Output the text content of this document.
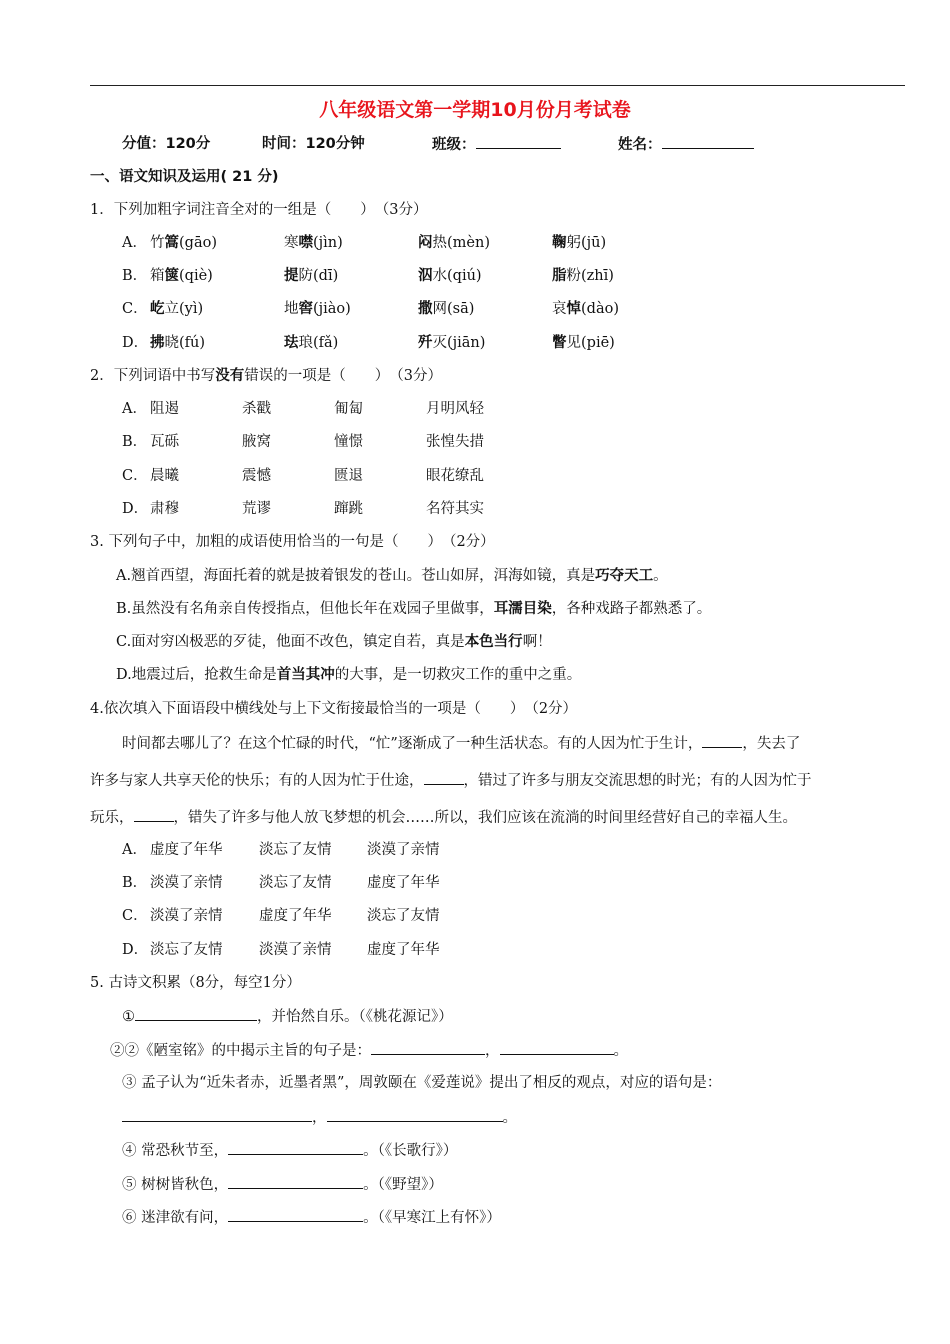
八年级语文第一学期10月份月考试卷
分值：120分	时间：120分钟	班级：	姓名：
一、语文知识及运用( 21 分)
1．下列加粗字词注音全对的一组是（　　）　（3分）
A． 竹篙(gāo)	寒噤(jìn)	闷热(mèn)	鞠躬(jū)
B． 箱箧(qiè)	提防(dī)	泅水(qiú)	脂粉(zhī)
C． 屹立(yì)	地窖(jiào)	撒网(sā)	哀悼(dào)
D． 拂晓(fú)	珐琅(fǎ)	歼灭(jiān)	瞥见(piē)
2．下列词语中书写没有错误的一项是（　　）　（3分）
A． 阻遏	杀戳	匍匐	月明风轻
B． 瓦砾	腋窝	憧憬	张惶失措
C． 晨曦	震憾	匮退	眼花缭乱
D． 肃穆	荒谬	蹿跳	名符其实
3. 下列句子中，加粗的成语使用恰当的一句是（　　）　（2分）
A.翘首西望，海面托着的就是披着银发的苍山。苍山如屏，洱海如镜，真是巧夺天工。
B.虽然没有名角亲自传授指点，但他长年在戏园子里做事，耳濡目染，各种戏路子都熟悉了。
C.面对穷凶极恶的歹徒，他面不改色，镇定自若，真是本色当行啊！
D.地震过后，抢救生命是首当其冲的大事，是一切救灾工作的重中之重。
4.依次填入下面语段中横线处与上下文衔接最恰当的一项是（　　）　（2分）
时间都去哪儿了？在这个忙碌的时代，“忙”逐渐成了一种生活状态。有的人因为忙于生计，	，失去了
许多与家人共享天伦的快乐；有的人因为忙于仕途，	，错过了许多与朋友交流思想的时光；有的人因为忙于
玩乐，	，错失了许多与他人放飞梦想的机会……所以，我们应该在流淌的时间里经营好自己的幸福人生。
A． 虚度了年华	淡忘了友情 淡漠了亲情
B． 淡漠了亲情	淡忘了友情 虚度了年华
C． 淡漠了亲情	虚度了年华 淡忘了友情
D． 淡忘了友情	淡漠了亲情 虚度了年华
5. 古诗文积累（8分，每空1分）
①	，并怡然自乐。（《桃花源记》）
②②《陋室铭》的中揭示主旨的句子是：	，	。
③ 孟子认为“近朱者赤，近墨者黑”，周敦颐在《爱莲说》提出了相反的观点，对应的语句是：
，	。
④ 常恐秋节至，	。（《长歌行》）
⑤ 树树皆秋色，	。（《野望》）
⑥ 迷津欲有问，	。（《早寒江上有怀》）
